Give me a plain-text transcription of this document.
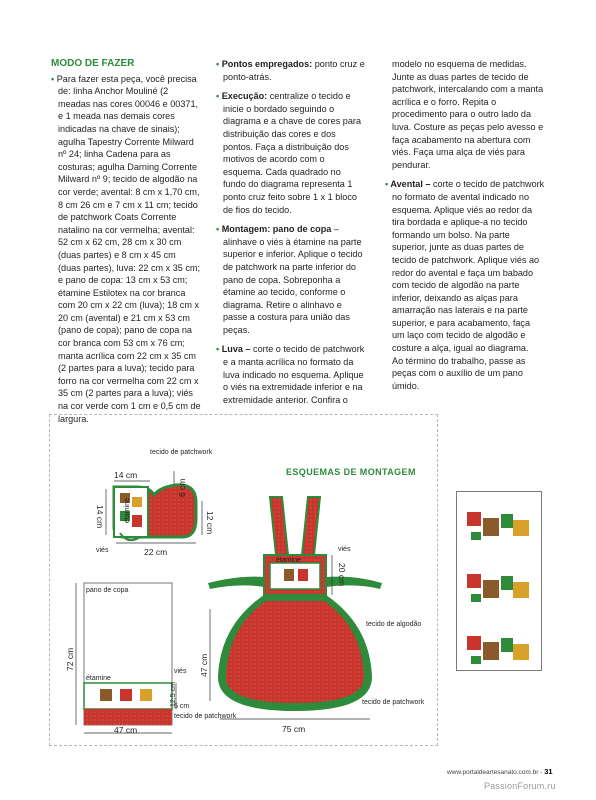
MODO DE FAZER
• Para fazer esta peça, você precisa de: linha Anchor Mouliné (2 meadas nas cores 00046 e 00371, e 1 meada nas demais cores indicadas na chave de sinais); agulha Tapestry Corrente Milward nº 24; linha Cadena para as costuras; agulha Darning Corrente Milward nº 9; tecido de algodão na cor verde; avental: 8 cm x 1,70 cm, 8 cm 26 cm e 7 cm x 11 cm; tecido de patchwork Coats Corrente natalino na cor vermelha; avental: 52 cm x 62 cm, 28 cm x 30 cm (duas partes) e 8 cm x 45 cm (duas partes), luva: 22 cm x 35 cm; e pano de copa: 13 cm x 53 cm; étamine Estilotex na cor branca com 20 cm x 22 cm (luva); 18 cm x 20 cm (avental) e 21 cm x 53 cm (pano de copa); pano de copa na cor branca com 53 cm x 76 cm; manta acrílica com 22 cm x 35 cm (2 partes para a luva); tecido para forro na cor vermelha com 22 cm x 35 cm (2 partes para a luva); viés na cor verde com 1 cm e 0,5 cm de largura.

• Pontos empregados: ponto cruz e ponto-atrás.

• Execução: centralize o tecido e inicie o bordado seguindo o diagrama e a chave de cores para distribuição das cores e dos pontos. Faça a distribuição dos motivos de acordo com o esquema. Cada quadrado no fundo do diagrama representa 1 ponto cruz feito sobre 1 x 1 bloco de fios do tecido.

• Montagem: pano de copa – alinhave o viés à étamine na parte superior e inferior. Aplique o tecido de patchwork na parte inferior do pano de copa. Sobreponha a étamine ao tecido, conforme o diagrama. Retire o alinhavo e passe a costura para união das peças.

• Luva – corte o tecido de patchwork e a manta acrílica no formato da luva indicado no esquema. Aplique o viés na extremidade inferior e na extremidade anterior. Confira o

modelo no esquema de medidas. Junte as duas partes de tecido de patchwork, intercalando com a manta acrílica e o forro. Repita o procedimento para o outro lado da luva. Costure as peças pelo avesso e faça acabamento na abertura com viés. Faça uma alça de viés para pendurar.

• Avental – corte o tecido de patchwork no formato de avental indicado no esquema. Aplique viés ao redor da tira bordada e aplique-a no tecido formando um bolso. Na parte superior, junte as duas partes de tecido de patchwork. Aplique viés ao redor do avental e faça um babado com tecido de algodão na parte inferior, deixando as alças para amarração nas laterais e na parte superior, e para acabamento, faça um laço com tecido de algodão e costure a alça, igual ao diagrama.

Ao término do trabalho, passe as peças com o auxílio de um pano úmido.

ESQUEMAS DE MONTAGEM
tecido de patchwork
14 cm
6 cm
14 cm	12 cm
étamine
viés	22 cm
pano de copa
72 cm
viés
étamine
12,5 cm
5 cm
tecido de patchwork
47 cm
viés
étamine
20 cm
tecido de algodão
47 cm
tecido de patchwork
75 cm
www.portaldeartesanato.com.br - 31
PassionForum.ru
